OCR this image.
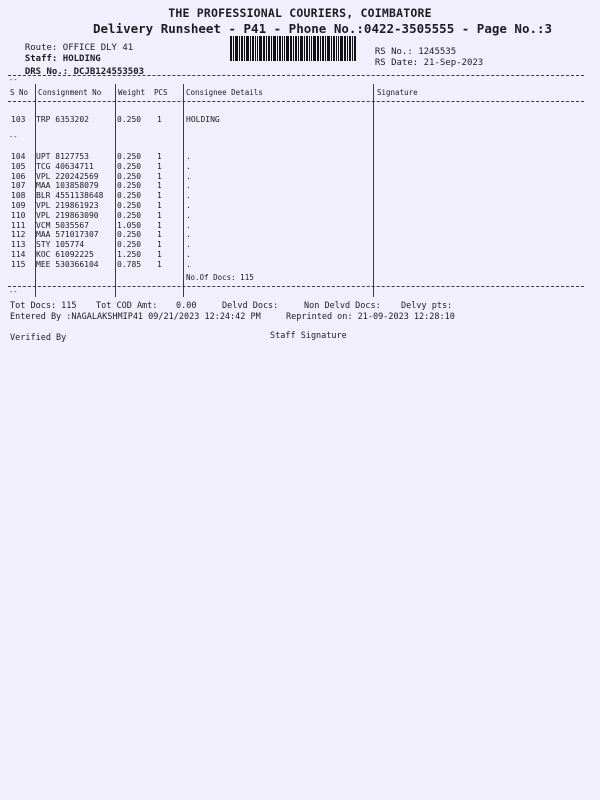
THE PROFESSIONAL COURIERS, COIMBATORE
Delivery Runsheet - P41 - Phone No.:0422-3505555 - Page No.:3

Route: OFFICE DLY 41

Staff: HOLDING

DRS No.: DCJB124553503

RS No.: 1245535

RS Date: 21-Sep-2023

--
S No Consignment No Weight PCS Consignee Details	Signature
103 TRP 6353202	0.250 1	HOLDING
--
104 UPT 8127753	0.250 1	.
105 TCG 40634711	0.250 1	.
106 VPL 220242569 0.250 1	.
107 MAA 103858079 0.250 1	.
108 BLR 4551138648 0.250 1	.
109 VPL 219861923 0.250 1	.
110 VPL 219863090 0.250 1	.
111 VCM 5035567	1.050 1	.
112 MAA 571017307 0.250 1	.
113 STY 105774	0.250 1	.
114 KOC 61092225	1.250 1	.
115 MEE 530366104 0.785 1	.
No.Of Docs: 115
--
Tot Docs: 115 Tot COD Amt: 0.00	Delvd Docs:	Non Delvd Docs: Delvy pts:
Entered By :NAGALAKSHMIP41 09/21/2023 12:24:42 PM	Reprinted on: 21-09-2023 12:28:10
Verified By	Staff Signature
